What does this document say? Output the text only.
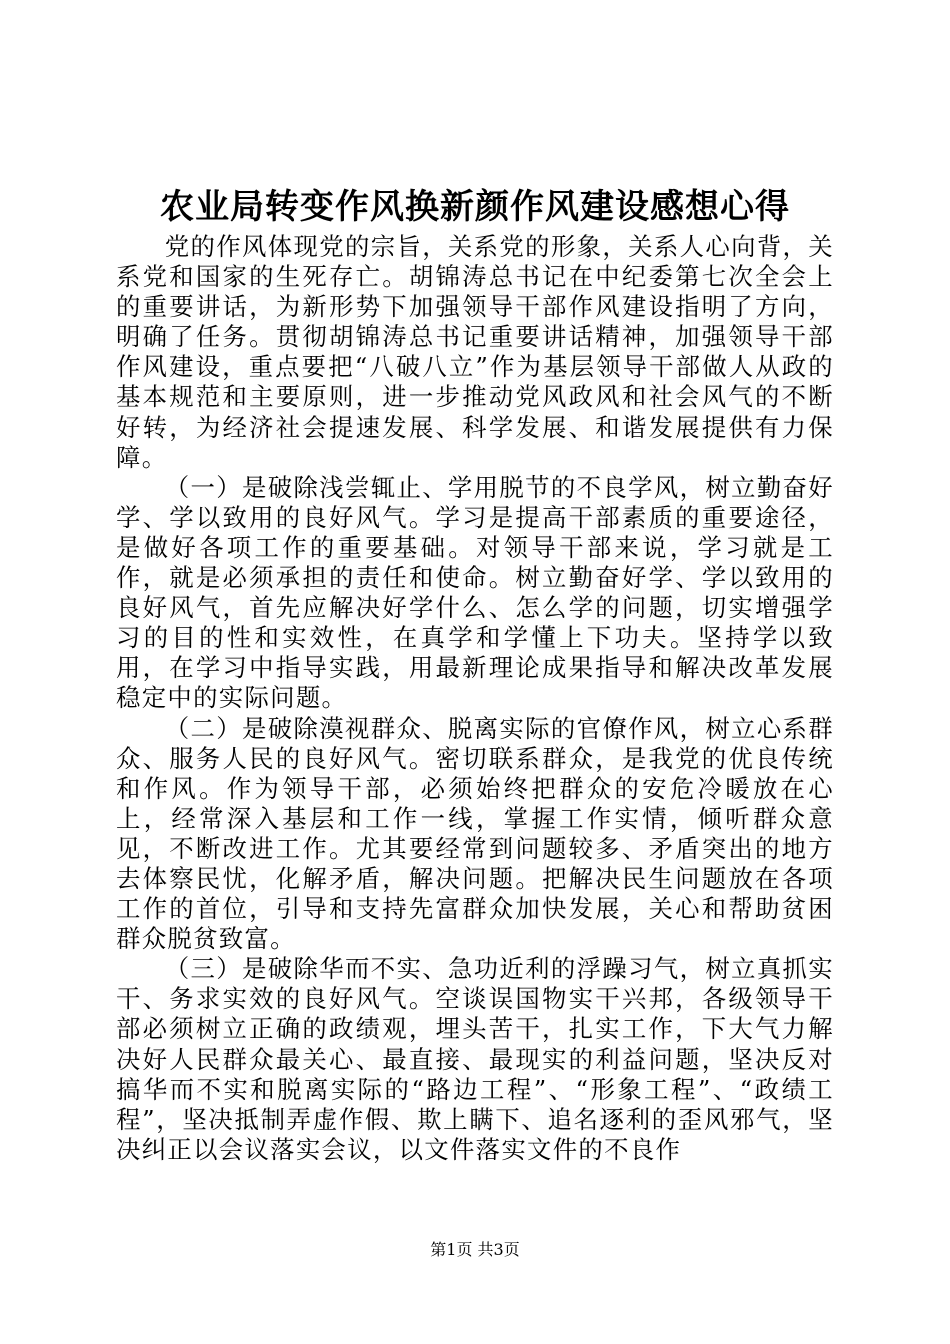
农业局转变作风换新颜作风建设感想心得

党的作风体现党的宗旨，关系党的形象，关系人心向背，关系党和国家的生死存亡。胡锦涛总书记在中纪委第七次全会上的重要讲话，为新形势下加强领导干部作风建设指明了方向，明确了任务。贯彻胡锦涛总书记重要讲话精神，加强领导干部作风建设，重点要把“八破八立”作为基层领导干部做人从政的基本规范和主要原则，进一步推动党风政风和社会风气的不断好转，为经济社会提速发展、科学发展、和谐发展提供有力保障。

（一）是破除浅尝辄止、学用脱节的不良学风，树立勤奋好学、学以致用的良好风气。学习是提高干部素质的重要途径，是做好各项工作的重要基础。对领导干部来说，学习就是工作，就是必须承担的责任和使命。树立勤奋好学、学以致用的良好风气，首先应解决好学什么、怎么学的问题，切实增强学习的目的性和实效性，在真学和学懂上下功夫。坚持学以致用，在学习中指导实践，用最新理论成果指导和解决改革发展稳定中的实际问题。

（二）是破除漠视群众、脱离实际的官僚作风，树立心系群众、服务人民的良好风气。密切联系群众，是我党的优良传统和作风。作为领导干部，必须始终把群众的安危冷暖放在心上，经常深入基层和工作一线，掌握工作实情，倾听群众意见，不断改进工作。尤其要经常到问题较多、矛盾突出的地方去体察民忧，化解矛盾，解决问题。把解决民生问题放在各项工作的首位，引导和支持先富群众加快发展，关心和帮助贫困群众脱贫致富。

（三）是破除华而不实、急功近利的浮躁习气，树立真抓实干、务求实效的良好风气。空谈误国物实干兴邦，各级领导干部必须树立正确的政绩观，埋头苦干，扎实工作，下大气力解决好人民群众最关心、最直接、最现实的利益问题，坚决反对搞华而不实和脱离实际的“路边工程”、“形象工程”、“政绩工程”，坚决抵制弄虚作假、欺上瞒下、追名逐利的歪风邪气，坚决纠正以会议落实会议，以文件落实文件的不良作

第1页 共3页
